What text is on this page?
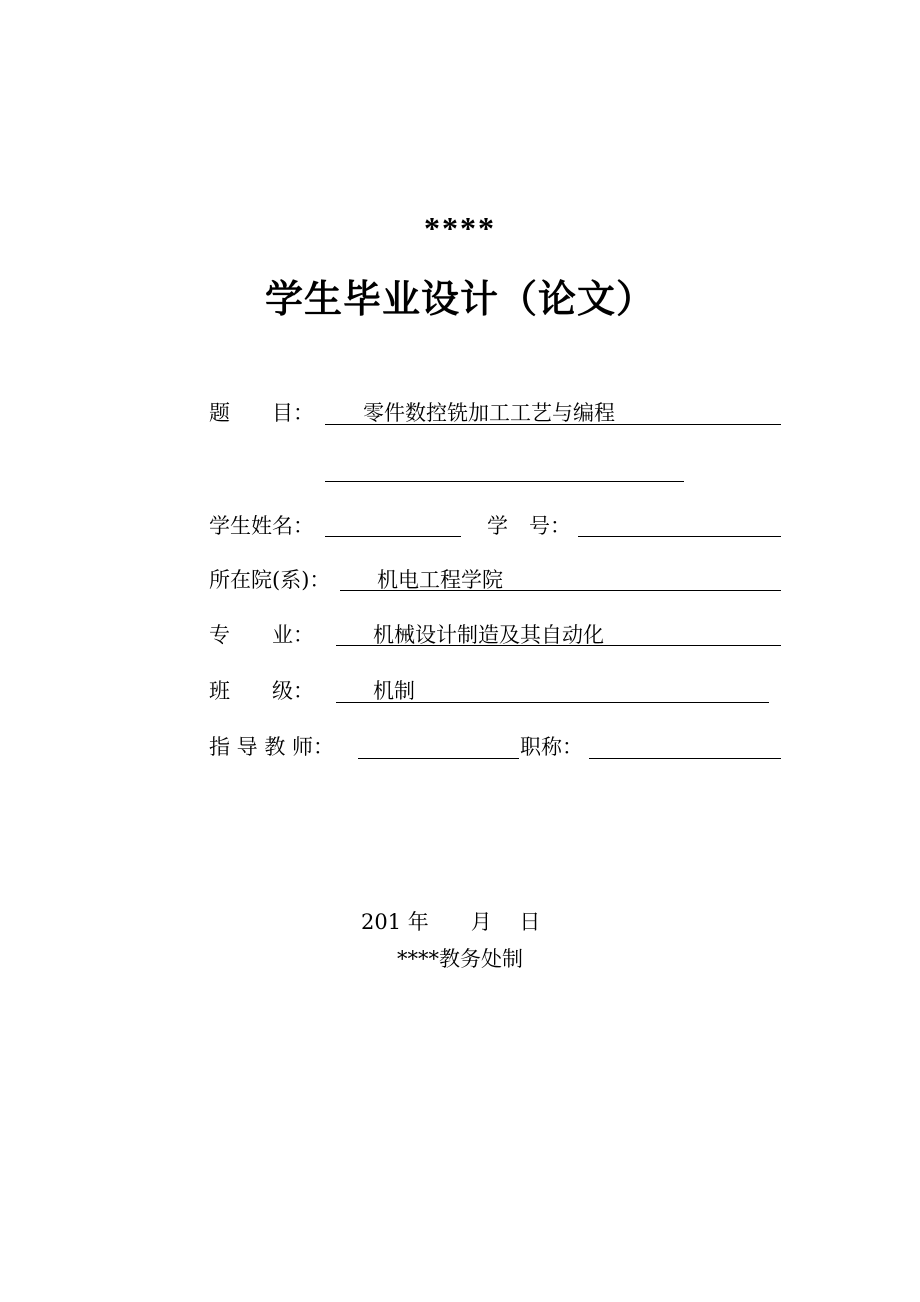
****
学生毕业设计（论文）
题　　目： 零件数控铣加工工艺与编程
学生姓名：	学　号：
所在院(系)： 机电工程学院
专　　业：	机械设计制造及其自动化
班　　级：	机制
指 导 教 师：	职称：
201 年　　月　 日
****教务处制
